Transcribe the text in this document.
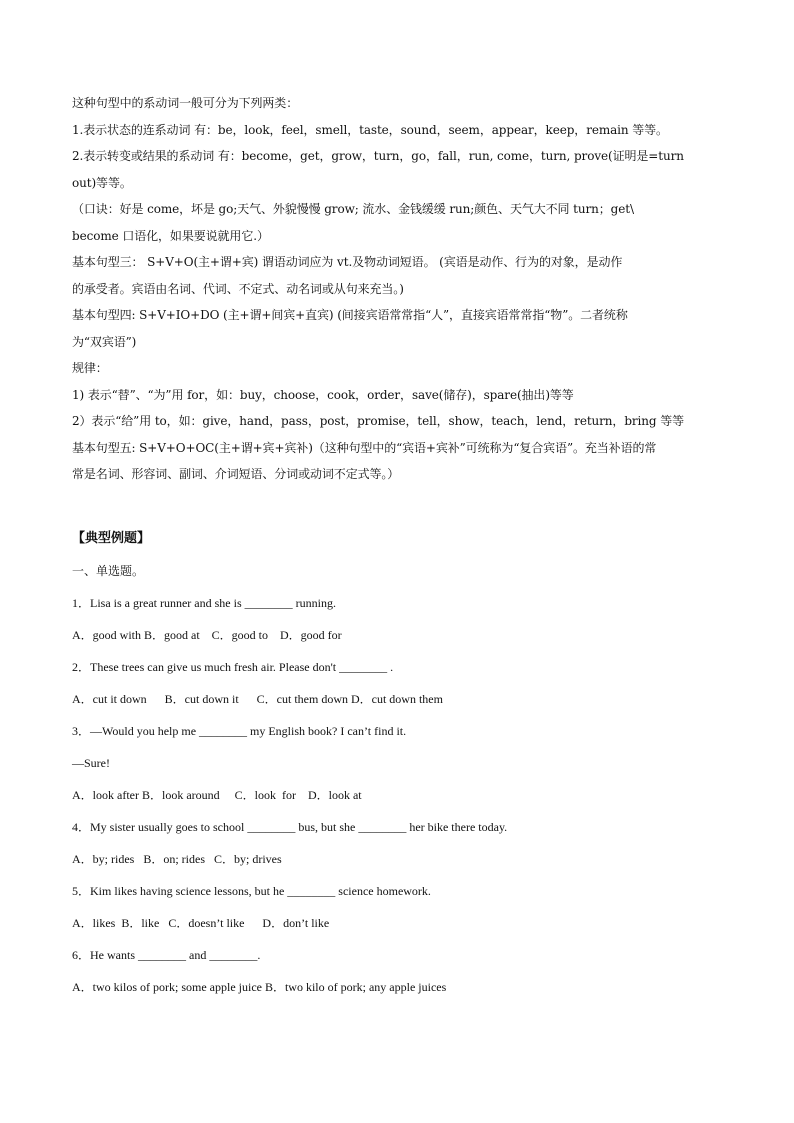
这种句型中的系动词一般可分为下列两类：
1.表示状态的连系动词 有：be，look，feel，smell，taste，sound，seem，appear，keep，remain 等等。
2.表示转变或结果的系动词 有：become，get，grow，turn，go，fall，run, come，turn, prove(证明是=turn
out)等等。
（口诀：好是 come，坏是 go;天气、外貌慢慢 grow; 流水、金钱缓缓 run;颜色、天气大不同 turn；get\
become 口语化，如果要说就用它.）
基本句型三： S+V+O(主+谓+宾) 谓语动词应为 vt.及物动词短语。 (宾语是动作、行为的对象，是动作
的承受者。宾语由名词、代词、不定式、动名词或从句来充当。)
基本句型四: S+V+IO+DO (主+谓+间宾+直宾) (间接宾语常常指“人”，直接宾语常常指“物”。二者统称
为“双宾语”)
规律：
1) 表示“替”、“为”用 for，如：buy，choose，cook，order，save(储存)，spare(抽出)等等
2）表示“给”用 to，如：give，hand，pass，post，promise，tell，show，teach，lend，return，bring 等等
基本句型五: S+V+O+OC(主+谓+宾+宾补)（这种句型中的“宾语+宾补”可统称为“复合宾语”。充当补语的常
常是名词、形容词、副词、介词短语、分词或动词不定式等。）
【典型例题】
一、单选题。
1．Lisa is a great runner and she is ________ running.
A．good with B．good at    C．good to    D．good for
2．These trees can give us much fresh air. Please don't ________ .
A．cut it down      B．cut down it      C．cut them down D．cut down them
3．—Would you help me ________ my English book? I can’t find it.
—Sure!
A．look after B．look around     C．look  for    D．look at
4．My sister usually goes to school ________ bus, but she ________ her bike there today.
A．by; rides   B．on; rides   C．by; drives
5．Kim likes having science lessons, but he ________ science homework.
A．likes  B．like   C．doesn’t like      D．don’t like
6．He wants ________ and ________.
A．two kilos of pork; some apple juice B．two kilo of pork; any apple juices
